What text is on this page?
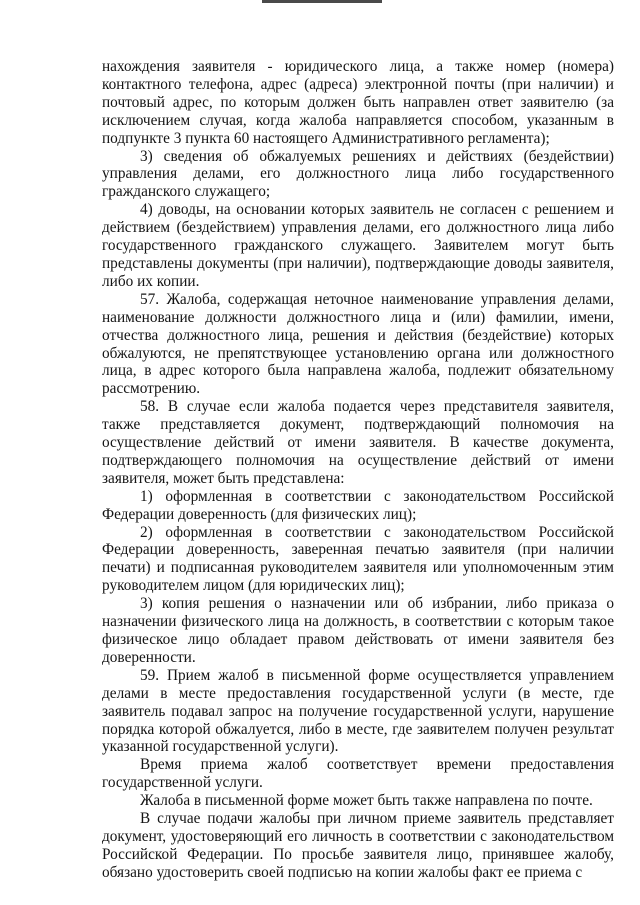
нахождения заявителя - юридического лица, а также номер (номера) контактного телефона, адрес (адреса) электронной почты (при наличии) и почтовый адрес, по которым должен быть направлен ответ заявителю (за исключением случая, когда жалоба направляется способом, указанным в подпункте 3 пункта 60 настоящего Административного регламента);

3) сведения об обжалуемых решениях и действиях (бездействии) управления делами, его должностного лица либо государственного гражданского служащего;

4) доводы, на основании которых заявитель не согласен с решением и действием (бездействием) управления делами, его должностного лица либо государственного гражданского служащего. Заявителем могут быть представлены документы (при наличии), подтверждающие доводы заявителя, либо их копии.

57. Жалоба, содержащая неточное наименование управления делами, наименование должности должностного лица и (или) фамилии, имени, отчества должностного лица, решения и действия (бездействие) которых обжалуются, не препятствующее установлению органа или должностного лица, в адрес которого была направлена жалоба, подлежит обязательному рассмотрению.

58. В случае если жалоба подается через представителя заявителя, также представляется документ, подтверждающий полномочия на осуществление действий от имени заявителя. В качестве документа, подтверждающего полномочия на осуществление действий от имени заявителя, может быть представлена:

1) оформленная в соответствии с законодательством Российской Федерации доверенность (для физических лиц);

2) оформленная в соответствии с законодательством Российской Федерации доверенность, заверенная печатью заявителя (при наличии печати) и подписанная руководителем заявителя или уполномоченным этим руководителем лицом (для юридических лиц);

3) копия решения о назначении или об избрании, либо приказа о назначении физического лица на должность, в соответствии с которым такое физическое лицо обладает правом действовать от имени заявителя без доверенности.

59. Прием жалоб в письменной форме осуществляется управлением делами в месте предоставления государственной услуги (в месте, где заявитель подавал запрос на получение государственной услуги, нарушение порядка которой обжалуется, либо в месте, где заявителем получен результат указанной государственной услуги).

Время приема жалоб соответствует времени предоставления государственной услуги.

Жалоба в письменной форме может быть также направлена по почте.

В случае подачи жалобы при личном приеме заявитель представляет документ, удостоверяющий его личность в соответствии с законодательством Российской Федерации. По просьбе заявителя лицо, принявшее жалобу, обязано удостоверить своей подписью на копии жалобы факт ее приема с
